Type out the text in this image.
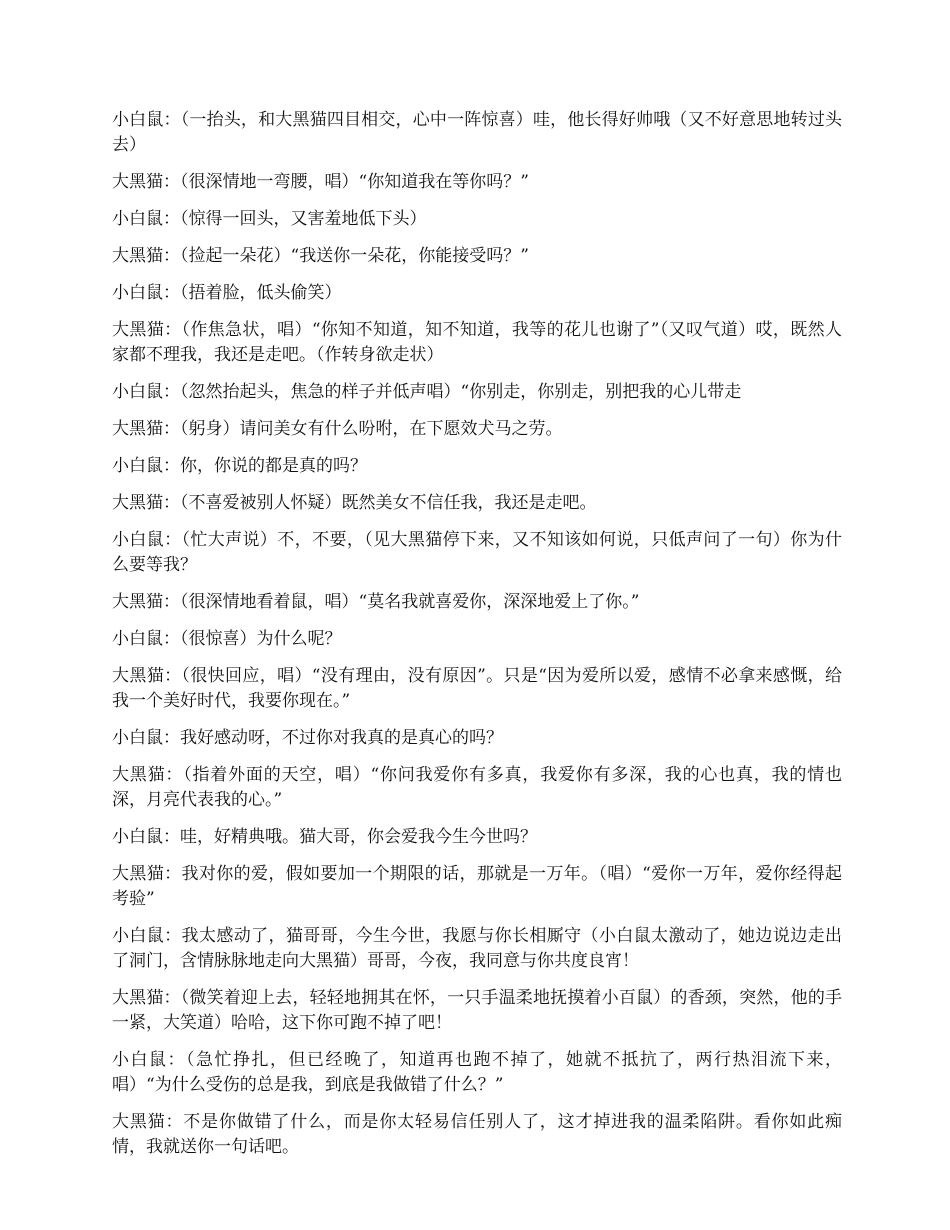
小白鼠：（一抬头，和大黑猫四目相交，心中一阵惊喜）哇，他长得好帅哦（又不好意思地转过头去）

大黑猫：（很深情地一弯腰，唱）“你知道我在等你吗？”

小白鼠：（惊得一回头，又害羞地低下头）

大黑猫：（捡起一朵花）“我送你一朵花，你能接受吗？”

小白鼠：（捂着脸，低头偷笑）

大黑猫：（作焦急状，唱）“你知不知道，知不知道，我等的花儿也谢了”（又叹气道）哎，既然人家都不理我，我还是走吧。（作转身欲走状）

小白鼠：（忽然抬起头，焦急的样子并低声唱）“你别走，你别走，别把我的心儿带走

大黑猫：（躬身）请问美女有什么吩咐，在下愿效犬马之劳。

小白鼠：你，你说的都是真的吗？

大黑猫：（不喜爱被别人怀疑）既然美女不信任我，我还是走吧。

小白鼠：（忙大声说）不，不要，（见大黑猫停下来，又不知该如何说，只低声问了一句）你为什么要等我？

大黑猫：（很深情地看着鼠，唱）“莫名我就喜爱你，深深地爱上了你。”

小白鼠：（很惊喜）为什么呢？

大黑猫：（很快回应，唱）“没有理由，没有原因”。只是“因为爱所以爱，感情不必拿来感慨，给我一个美好时代，我要你现在。”

小白鼠：我好感动呀，不过你对我真的是真心的吗？

大黑猫：（指着外面的天空，唱）“你问我爱你有多真，我爱你有多深，我的心也真，我的情也深，月亮代表我的心。”

小白鼠：哇，好精典哦。猫大哥，你会爱我今生今世吗？

大黑猫：我对你的爱，假如要加一个期限的话，那就是一万年。（唱）“爱你一万年，爱你经得起考验”

小白鼠：我太感动了，猫哥哥，今生今世，我愿与你长相厮守（小白鼠太激动了，她边说边走出了洞门，含情脉脉地走向大黑猫）哥哥，今夜，我同意与你共度良宵！

大黑猫：（微笑着迎上去，轻轻地拥其在怀，一只手温柔地抚摸着小百鼠）的香颈，突然，他的手一紧，大笑道）哈哈，这下你可跑不掉了吧！

小白鼠：（急忙挣扎，但已经晚了，知道再也跑不掉了，她就不抵抗了，两行热泪流下来，唱）“为什么受伤的总是我，到底是我做错了什么？”

大黑猫：不是你做错了什么，而是你太轻易信任别人了，这才掉进我的温柔陷阱。看你如此痴情，我就送你一句话吧。
